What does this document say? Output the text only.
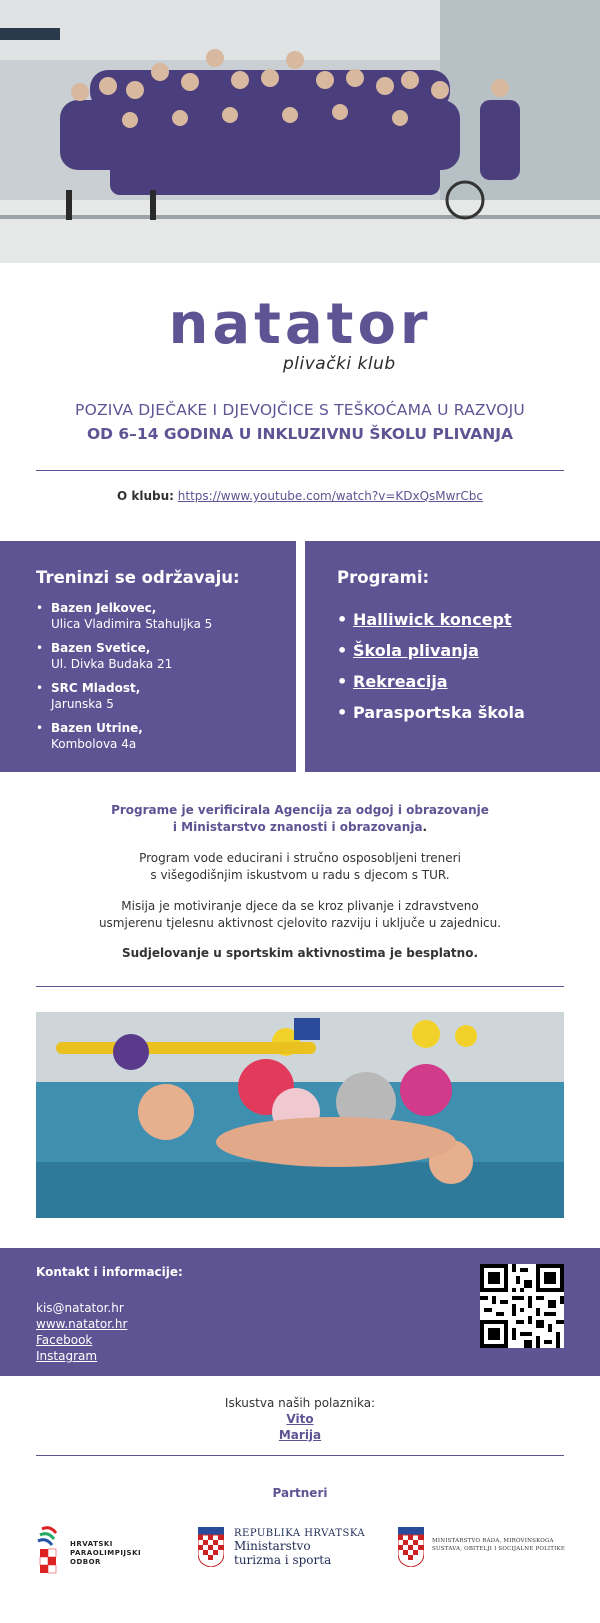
natator
plivački klub
POZIVA DJEČAKE I DJEVOJČICE S TEŠKOĆAMA U RAZVOJU
OD 6–14 GODINA U INKLUZIVNU ŠKOLU PLIVANJA
O klubu: https://www.youtube.com/watch?v=KDxQsMwrCbc
Treninzi se održavaju:
• Bazen Jelkovec,
Ulica Vladimira Stahuljka 5
• Bazen Svetice,
Ul. Divka Budaka 21
• SRC Mladost,
Jarunska 5
• Bazen Utrine,
Kombolova 4a
Programi:
• Halliwick koncept
• Škola plivanja
• Rekreacija
• Parasportska škola
Programe je verificirala Agencija za odgoj i obrazovanje
i Ministarstvo znanosti i obrazovanja.
Program vode educirani i stručno osposobljeni treneri
s višegodišnjim iskustvom u radu s djecom s TUR.
Misija je motiviranje djece da se kroz plivanje i zdravstveno
usmjerenu tjelesnu aktivnost cjelovito razviju i uključe u zajednicu.
Sudjelovanje u sportskim aktivnostima je besplatno.
Kontakt i informacije:
kis@natator.hr
www.natator.hr
Facebook
Instagram
Iskustva naših polaznika:
Vito
Marija
Partneri
HRVATSKI
PARAOLIMPIJSKI
ODBOR
REPUBLIKA HRVATSKA
Ministarstvo
turizma i sporta
MINISTARSTVO RADA, MIROVINSKOGA
SUSTAVA, OBITELJI I SOCIJALNE POLITIKE
